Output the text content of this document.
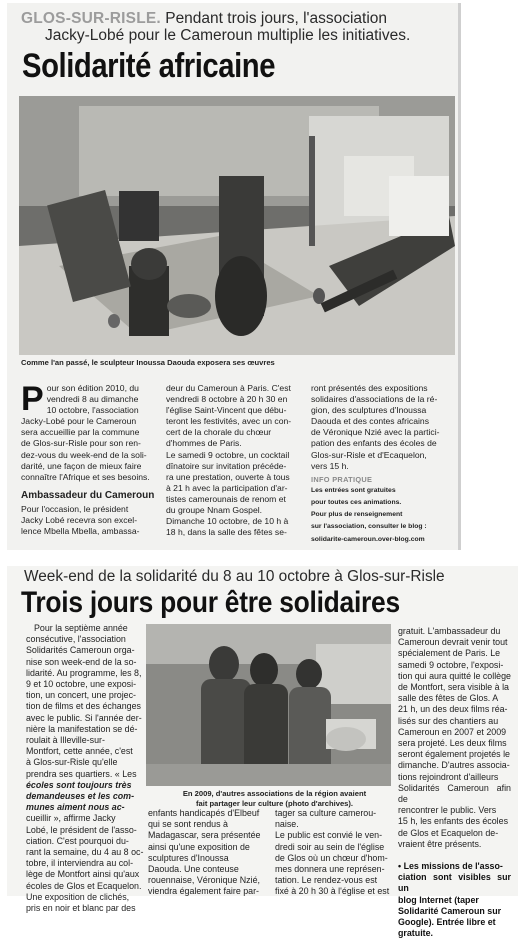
GLOS-SUR-RISLE. Pendant trois jours, l'association
Jacky-Lobé pour le Cameroun multiplie les initiatives.
Solidarité africaine
Comme l'an passé, le sculpteur Inoussa Daouda exposera ses œuvres
P our son édition 2010, du
vendredi 8 au dimanche
10 octobre, l'association
Jacky-Lobé pour le Cameroun
sera accueillie par la commune
de Glos-sur-Risle pour son ren-
dez-vous du week-end de la soli-
darité, une façon de mieux faire
connaître l'Afrique et ses besoins.
Ambassadeur du Cameroun
Pour l'occasion, le président
Jacky Lobé recevra son excel-
lence Mbella Mbella, ambassa-
deur du Cameroun à Paris. C'est
vendredi 8 octobre à 20 h 30 en
l'église Saint-Vincent que débu-
teront les festivités, avec un con-
cert de la chorale du chœur
d'hommes de Paris.
Le samedi 9 octobre, un cocktail
dînatoire sur invitation précéde-
ra une prestation, ouverte à tous
à 21 h avec la participation d'ar-
tistes camerounais de renom et
du groupe Nnam Gospel.
Dimanche 10 octobre, de 10 h à
18 h, dans la salle des fêtes se-
ront présentés des expositions
solidaires d'associations de la ré-
gion, des sculptures d'Inoussa
Daouda et des contes africains
de Véronique Nzié avec la partici-
pation des enfants des écoles de
Glos-sur-Risle et d'Ecaquelon,
vers 15 h.
INFO PRATIQUE
Les entrées sont gratuites
pour toutes ces animations.
Pour plus de renseignement
sur l'association, consulter le blog :
solidarite-cameroun.over-blog.com
Week-end de la solidarité du 8 au 10 octobre à Glos-sur-Risle
Trois jours pour être solidaires
Pour la septième année
consécutive, l'association
Solidarités Cameroun orga-
nise son week-end de la so-
lidarité. Au programme, les 8,
9 et 10 octobre, une exposi-
tion, un concert, une projec-
tion de films et des échanges
avec le public. Si l'année der-
nière la manifestation se dé-
roulait à Illeville-sur-
Montfort, cette année, c'est
à Glos-sur-Risle qu'elle
prendra ses quartiers. « Les
écoles sont toujours très
demandeuses et les com-
munes aiment nous ac-
cueillir », affirme Jacky
Lobé, le président de l'asso-
ciation. C'est pourquoi du-
rant la semaine, du 4 au 8 oc-
tobre, il interviendra au col-
lège de Montfort ainsi qu'aux
écoles de Glos et Ecaquelon.
Une exposition de clichés,
pris en noir et blanc par des
En 2009, d'autres associations de la région avaient
fait partager leur culture (photo d'archives).
enfants handicapés d'Elbeuf
qui se sont rendus à
Madagascar, sera présentée
ainsi qu'une exposition de
sculptures d'Inoussa
Daouda. Une conteuse
rouennaise, Véronique Nzié,
viendra également faire par-
tager sa culture camerou-
naise.
Le public est convié le ven-
dredi soir au sein de l'église
de Glos où un chœur d'hom-
mes donnera une représen-
tation. Le rendez-vous est
fixé à 20 h 30 à l'église et est
gratuit. L'ambassadeur du
Cameroun devrait venir tout
spécialement de Paris. Le
samedi 9 octobre, l'exposi-
tion qui aura quitté le collège
de Montfort, sera visible à la
salle des fêtes de Glos. A
21 h, un des deux films réa-
lisés sur des chantiers au
Cameroun en 2007 et 2009
sera projeté. Les deux films
seront également projetés le
dimanche. D'autres associa-
tions rejoindront d'ailleurs
Solidarités Cameroun afin de
rencontrer le public. Vers
15 h, les enfants des écoles
de Glos et Ecaquelon de-
vraient être présents.
• Les missions de l'asso-
ciation sont visibles sur un
blog Internet (taper
Solidarité Cameroun sur
Google). Entrée libre et
gratuite.
